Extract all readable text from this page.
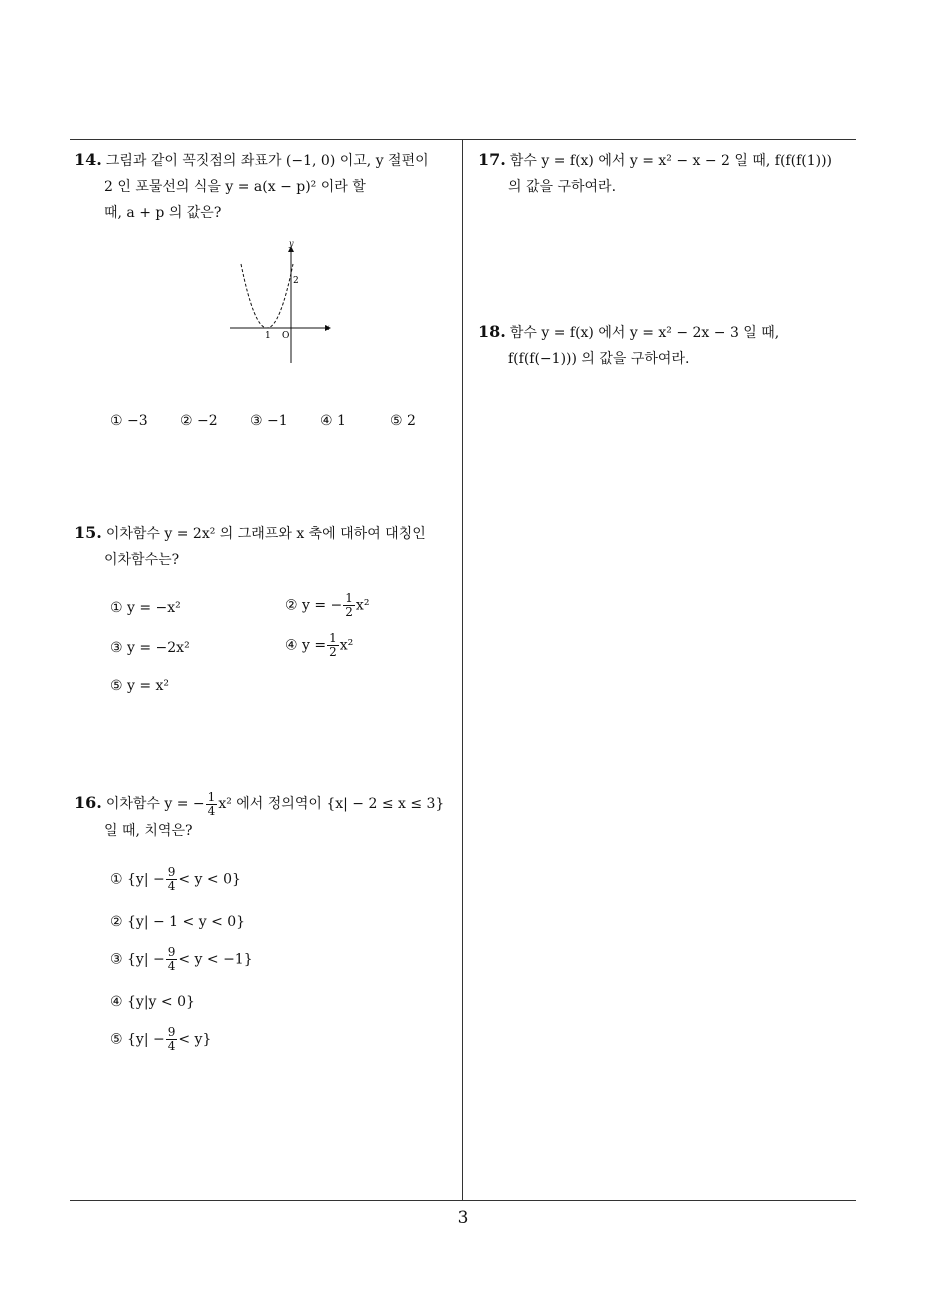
14. 그림과 같이 꼭짓점의 좌표가 (−1, 0) 이고, y 절편이
2 인 포물선의 식을 y = a(x − p)² 이라 할
때, a + p 의 값은?
x
y
2
1 O
① −3 ② −2 ③ −1 ④ 1	⑤ 2
15. 이차함수 y = 2x² 의 그래프와 x 축에 대하여 대칭인
이차함수는?
① y = −x²	② y = − $\frac{1}{2} x^2$
③ y = −2x²	④ $y = \frac{1}{2} x^2$
⑤ y = x²
16. 이차함수 y = − $\frac{1}{4} x^2$ 에서 정의역이 {x| − 2 ≤ x ≤ 3}
일 때, 치역은?
① $\{y| - \frac{9}{4} < y < 0\}$
② {y| − 1 < y < 0}
③ $\{y| - \frac{9}{4} < y < -1\}$
④ {y|y < 0}
⑤ $\{y| - \frac{9}{4} < y\}$
17. 함수 y = f(x) 에서 y = x² − x − 2 일 때, f(f(f(1)))
의 값을 구하여라.
18. 함수 y = f(x) 에서 y = x² − 2x − 3 일 때,
f(f(f(−1))) 의 값을 구하여라.
3
